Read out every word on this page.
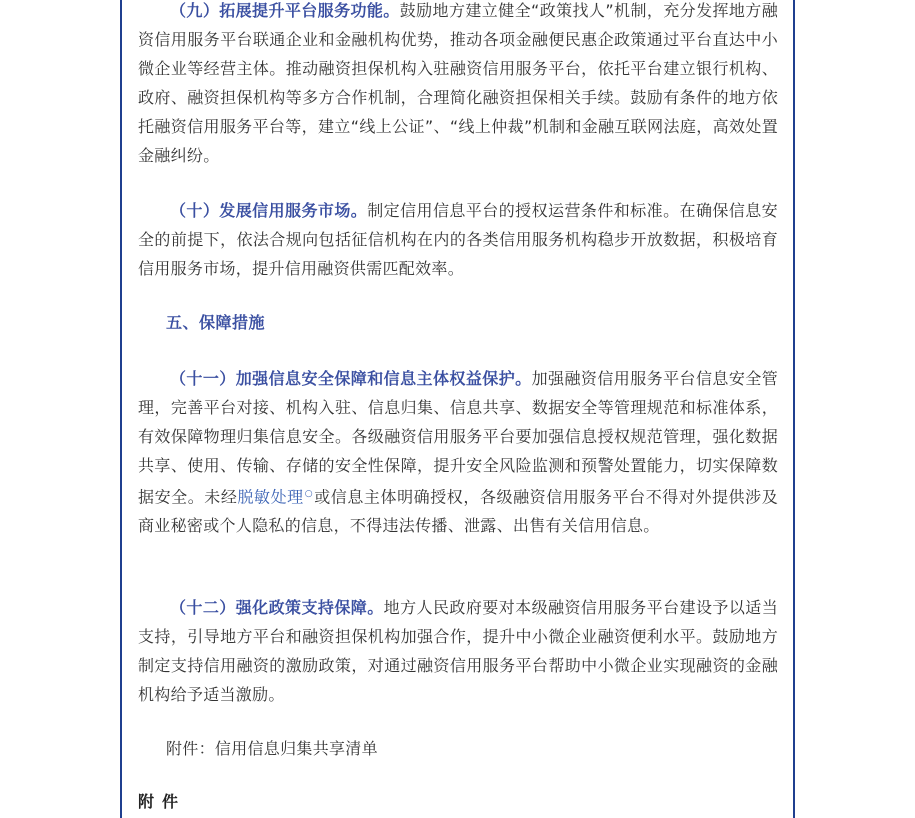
（九）拓展提升平台服务功能。鼓励地方建立健全“政策找人”机制，充分发挥地方融资信用服务平台联通企业和金融机构优势，推动各项金融便民惠企政策通过平台直达中小微企业等经营主体。推动融资担保机构入驻融资信用服务平台，依托平台建立银行机构、政府、融资担保机构等多方合作机制，合理简化融资担保相关手续。鼓励有条件的地方依托融资信用服务平台等，建立“线上公证”、“线上仲裁”机制和金融互联网法庭，高效处置金融纠纷。

（十）发展信用服务市场。制定信用信息平台的授权运营条件和标准。在确保信息安全的前提下，依法合规向包括征信机构在内的各类信用服务机构稳步开放数据，积极培育信用服务市场，提升信用融资供需匹配效率。

五、保障措施

（十一）加强信息安全保障和信息主体权益保护。加强融资信用服务平台信息安全管理，完善平台对接、机构入驻、信息归集、信息共享、数据安全等管理规范和标准体系，有效保障物理归集信息安全。各级融资信用服务平台要加强信息授权规范管理，强化数据共享、使用、传输、存储的安全性保障，提升安全风险监测和预警处置能力，切实保障数据安全。未经脱敏处理○或信息主体明确授权，各级融资信用服务平台不得对外提供涉及商业秘密或个人隐私的信息，不得违法传播、泄露、出售有关信用信息。

（十二）强化政策支持保障。地方人民政府要对本级融资信用服务平台建设予以适当支持，引导地方平台和融资担保机构加强合作，提升中小微企业融资便利水平。鼓励地方制定支持信用融资的激励政策，对通过融资信用服务平台帮助中小微企业实现融资的金融机构给予适当激励。

附件：信用信息归集共享清单

附件
